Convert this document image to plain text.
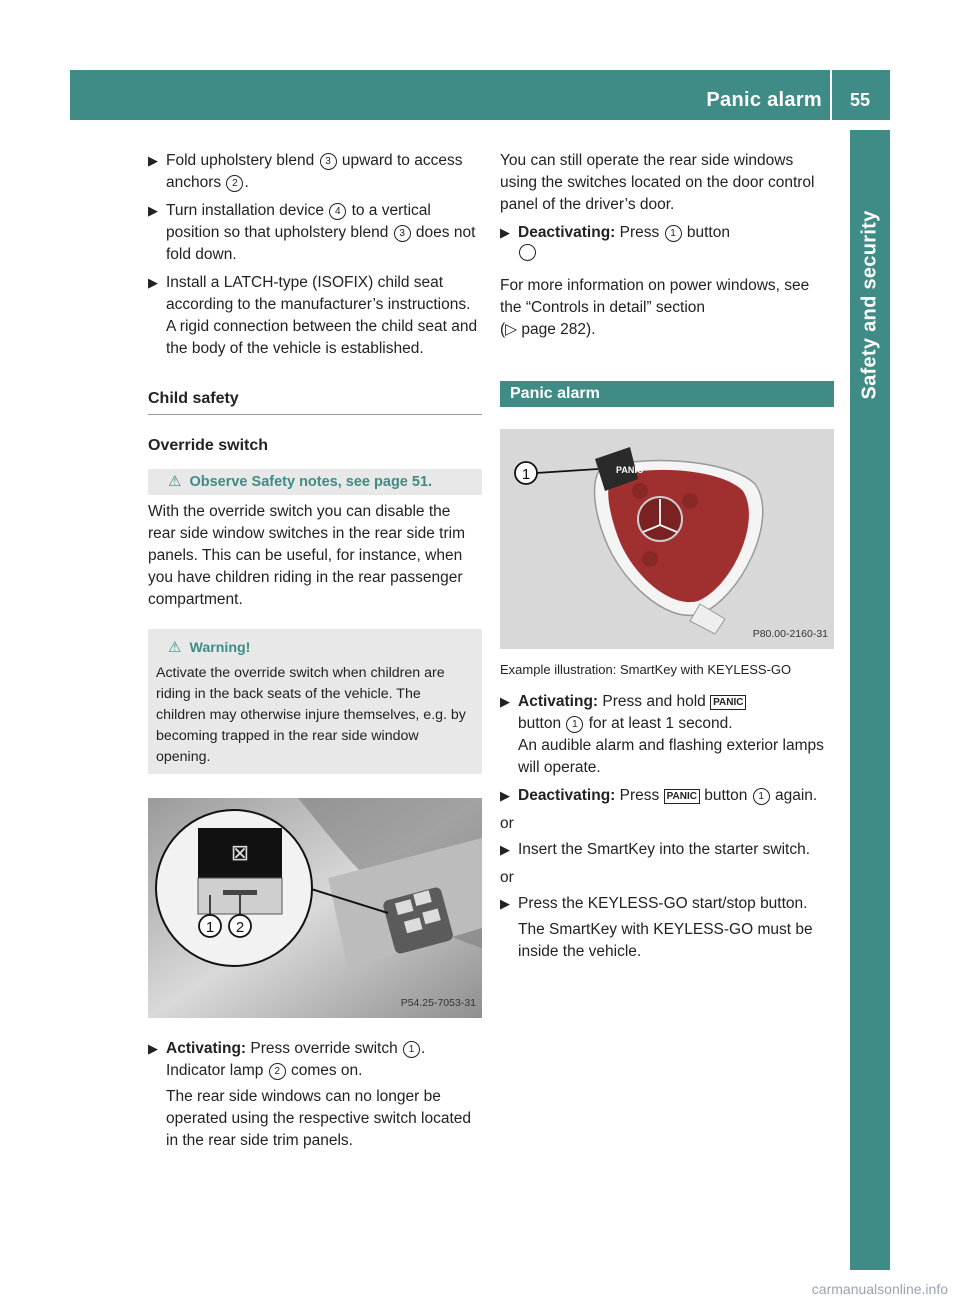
Panic alarm	55
Safety and security
▶ Fold upholstery blend 3 upward to access anchors 2 .

▶ Turn installation device 4 to a vertical position so that upholstery blend 3 does not fold down.

▶ Install a LATCH-type (ISOFIX) child seat according to the manufacturer’s instructions.

A rigid connection between the child seat and the body of the vehicle is established.

Child safety
Override switch
⚠ Observe Safety notes, see page 51.

With the override switch you can disable the rear side window switches in the rear side trim panels. This can be useful, for instance, when you have children riding in the rear passenger compartment.

⚠ Warning!
Activate the override switch when children are riding in the back seats of the vehicle. The children may otherwise injure themselves, e.g. by becoming trapped in the rear side window opening.
⊠
1 2
P54.25-7053-31
▶ Activating: Press override switch 1 .
Indicator lamp 2 comes on.

The rear side windows can no longer be operated using the respective switch located in the rear side trim panels.

You can still operate the rear side windows using the switches located on the door control panel of the driver’s door.

▶ Deactivating: Press 1 button

For more information on power windows, see the “Controls in detail” section
(▷ page 282).

Panic alarm
PANIC
1
P80.00-2160-31
Example illustration: SmartKey with KEYLESS-GO
▶ Activating: Press and hold PANIC
button 1 for at least 1 second.
An audible alarm and flashing exterior lamps will operate.

▶ Deactivating: Press PANIC button 1 again.

or

▶ Insert the SmartKey into the starter switch.

or

▶ Press the KEYLESS-GO start/stop button.

The SmartKey with KEYLESS-GO must be inside the vehicle.

carmanualsonline.info
